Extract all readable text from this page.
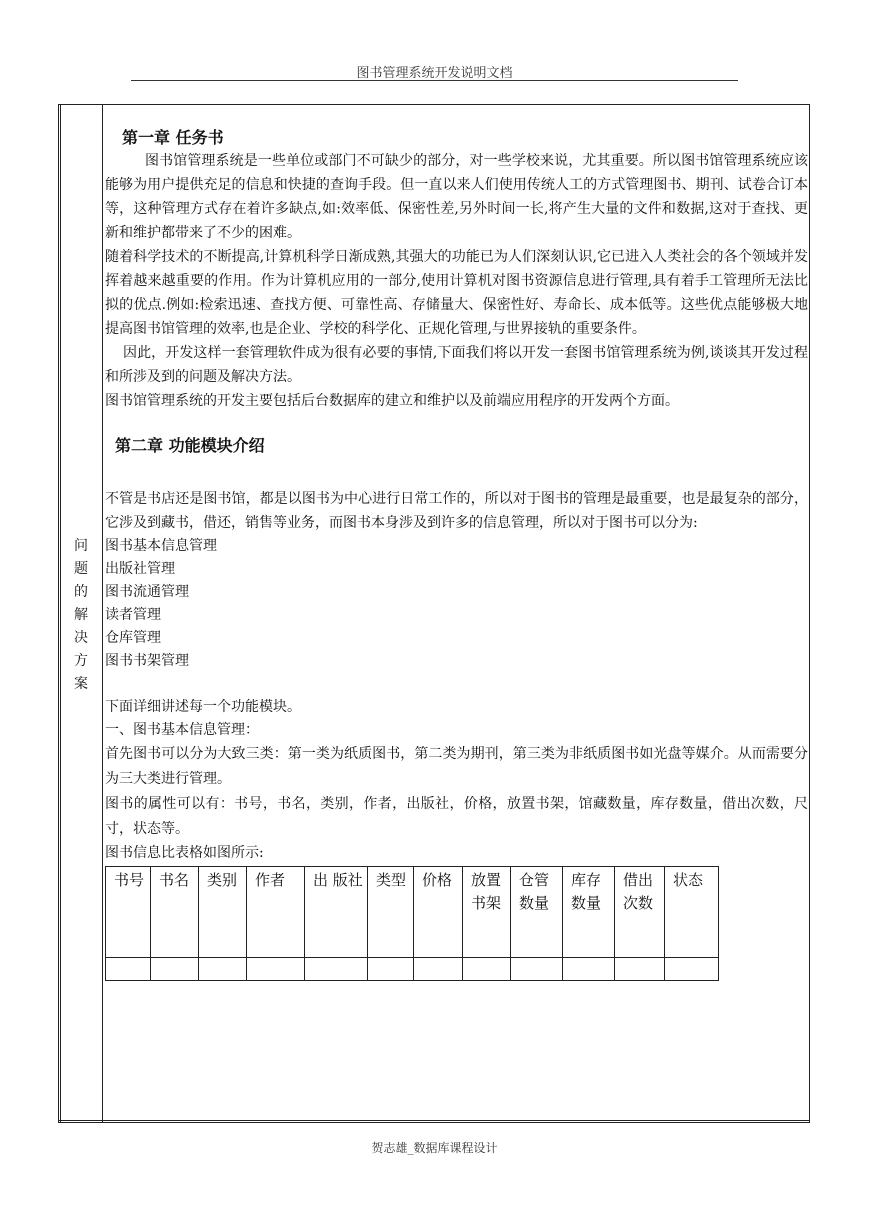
图书管理系统开发说明文档
问题的解决方案
第一章 任务书

图书馆管理系统是一些单位或部门不可缺少的部分，对一些学校来说，尤其重要。所以图书馆管理系统应该能够为用户提供充足的信息和快捷的查询手段。但一直以来人们使用传统人工的方式管理图书、期刊、试卷合订本等，这种管理方式存在着许多缺点,如:效率低、保密性差,另外时间一长,将产生大量的文件和数据,这对于查找、更新和维护都带来了不少的困难。

随着科学技术的不断提高,计算机科学日渐成熟,其强大的功能已为人们深刻认识,它已进入人类社会的各个领域并发挥着越来越重要的作用。作为计算机应用的一部分,使用计算机对图书资源信息进行管理,具有着手工管理所无法比拟的优点.例如:检索迅速、查找方便、可靠性高、存储量大、保密性好、寿命长、成本低等。这些优点能够极大地提高图书馆管理的效率,也是企业、学校的科学化、正规化管理,与世界接轨的重要条件。

因此，开发这样一套管理软件成为很有必要的事情,下面我们将以开发一套图书馆管理系统为例,谈谈其开发过程和所涉及到的问题及解决方法。

图书馆管理系统的开发主要包括后台数据库的建立和维护以及前端应用程序的开发两个方面。

第二章 功能模块介绍

不管是书店还是图书馆，都是以图书为中心进行日常工作的，所以对于图书的管理是最重要，也是最复杂的部分，它涉及到藏书，借还，销售等业务，而图书本身涉及到许多的信息管理，所以对于图书可以分为:

图书基本信息管理
出版社管理
图书流通管理
读者管理
仓库管理
图书书架管理
下面详细讲述每一个功能模块。
一、图书基本信息管理：

首先图书可以分为大致三类：第一类为纸质图书，第二类为期刊，第三类为非纸质图书如光盘等媒介。从而需要分为三大类进行管理。

图书的属性可以有：书号，书名，类别，作者，出版社，价格，放置书架，馆藏数量，库存数量，借出次数，尺寸，状态等。

图书信息比表格如图所示:
书号	书名	类别	作者	出 版社	类型	价格	放置书架	仓管数量	库存数量	借出次数	状态

贺志雄_数据库课程设计
